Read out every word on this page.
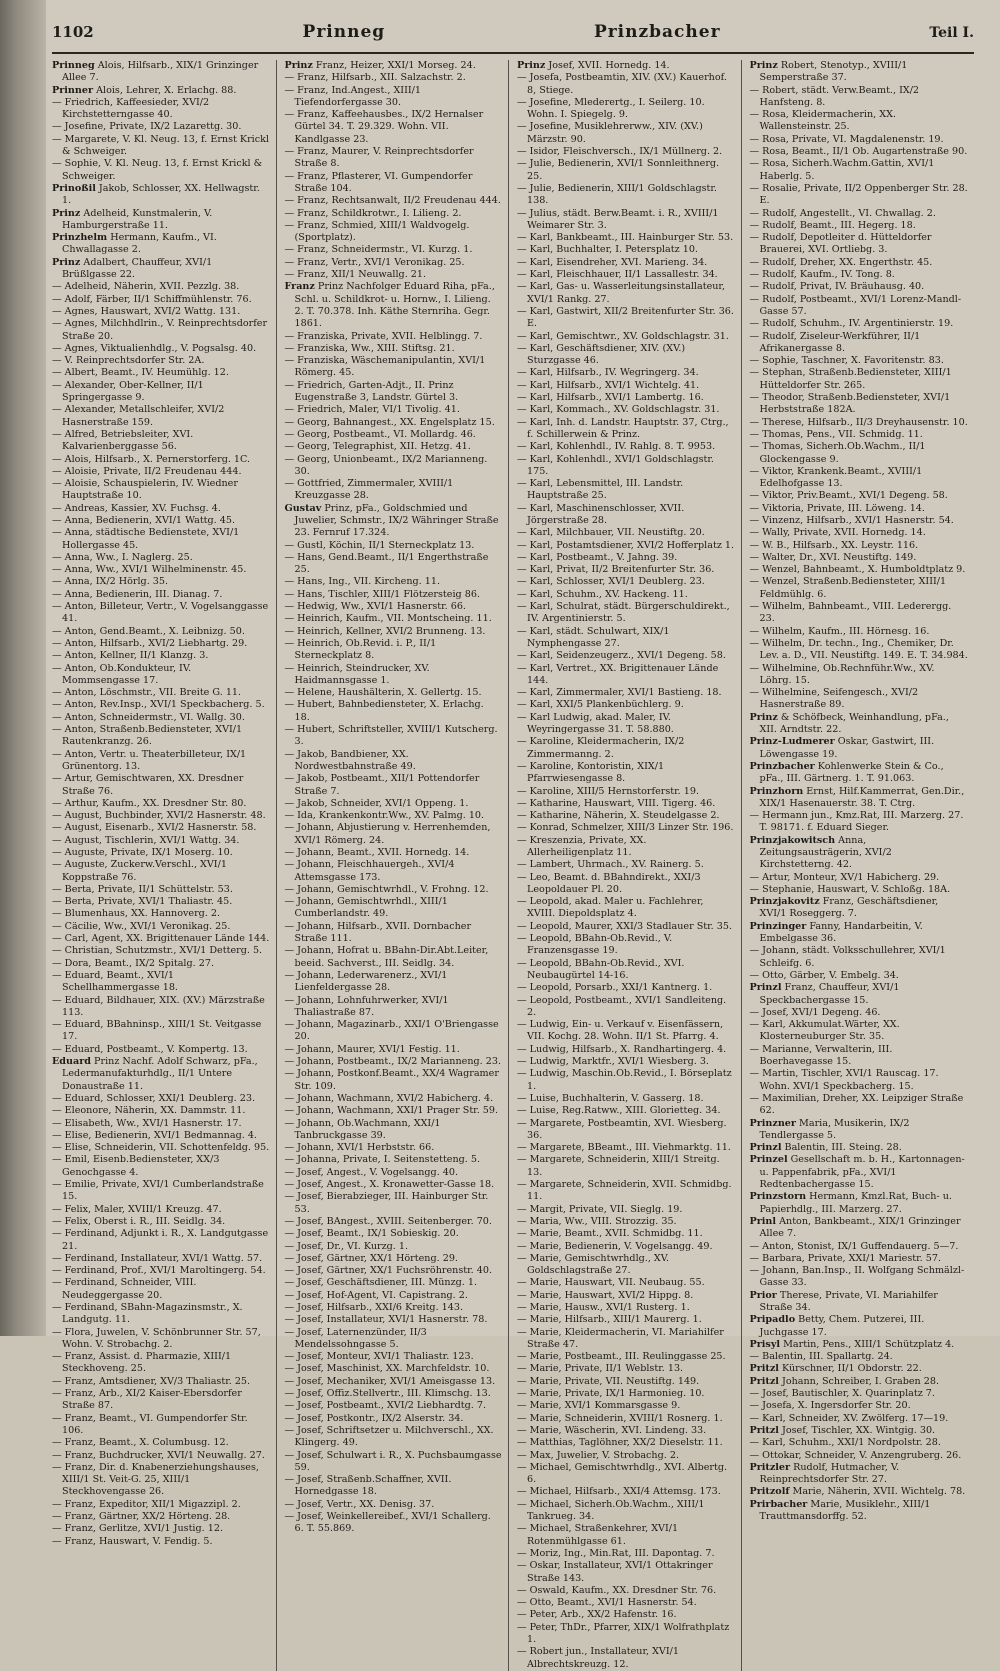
1102	Prinneg	Prinzbacher	Teil I.

Prinneg Alois, Hilfsarb., XIX/1 Grinzinger Allee 7.

Prinner Alois, Lehrer, X. Erlachg. 88.

— Friedrich, Kaffeesieder, XVI/2 Kirchstetterngasse 40.

— Josefine, Private, IX/2 Lazarettg. 30.

— Margarete, V. Kl. Neug. 13, f. Ernst Krickl & Schweiger.

— Sophie, V. Kl. Neug. 13, f. Ernst Krickl & Schweiger.

Prinoßil Jakob, Schlosser, XX. Hellwagstr. 1.

Prinz Adelheid, Kunstmalerin, V. Hamburgerstraße 11.

Prinzhelm Hermann, Kaufm., VI. Chwallagasse 2.

Prinz Adalbert, Chauffeur, XVI/1 Brüßlgasse 22.

— Adelheid, Näherin, XVII. Pezzlg. 38.

— Adolf, Färber, II/1 Schiffmühlenstr. 76.

— Agnes, Hauswart, XVI/2 Wattg. 131.

— Agnes, Milchhdlrin., V. Reinprechtsdorfer Straße 20.

— Agnes, Viktualienhdlg., V. Pogsalsg. 40.

— V. Reinprechtsdorfer Str. 2A.

— Albert, Beamt., IV. Heumühlg. 12.

— Alexander, Ober-Kellner, II/1 Springergasse 9.

— Alexander, Metallschleifer, XVI/2 Hasnerstraße 159.

— Alfred, Betriebsleiter, XVI. Kalvarienberggasse 56.

— Alois, Hilfsarb., X. Pernerstorferg. 1C.

— Aloisie, Private, II/2 Freudenau 444.

— Aloisie, Schauspielerin, IV. Wiedner Hauptstraße 10.

— Andreas, Kassier, XV. Fuchsg. 4.

— Anna, Bedienerin, XVI/1 Wattg. 45.

— Anna, städtische Bedienstete, XVI/1 Hollergasse 45.

— Anna, Ww., I. Naglerg. 25.

— Anna, Ww., XVI/1 Wilhelminenstr. 45.

— Anna, IX/2 Hörlg. 35.

— Anna, Bedienerin, III. Dianag. 7.

— Anton, Billeteur, Vertr., V. Vogelsanggasse 41.

— Anton, Gend.Beamt., X. Leibnizg. 50.

— Anton, Hilfsarb., XVI/2 Liebhartg. 29.

— Anton, Kellner, II/1 Klanzg. 3.

— Anton, Ob.Kondukteur, IV. Mommsengasse 17.

— Anton, Löschmstr., VII. Breite G. 11.

— Anton, Rev.Insp., XVI/1 Speckbacherg. 5.

— Anton, Schneidermstr., VI. Wallg. 30.

— Anton, Straßenb.Bediensteter, XVI/1 Rautenkranzg. 26.

— Anton, Vertr. u. Theaterbilleteur, IX/1 Grünentorg. 13.

— Artur, Gemischtwaren, XX. Dresdner Straße 76.

— Arthur, Kaufm., XX. Dresdner Str. 80.

— August, Buchbinder, XVI/2 Hasnerstr. 48.

— August, Eisenarb., XVI/2 Hasnerstr. 58.

— August, Tischlerin, XVI/1 Wattg. 34.

— Auguste, Private, IX/1 Moserg. 10.

— Auguste, Zuckerw.Verschl., XVI/1 Koppstraße 76.

— Berta, Private, II/1 Schüttelstr. 53.

— Berta, Private, XVI/1 Thaliastr. 45.

— Blumenhaus, XX. Hannoverg. 2.

— Cäcilie, Ww., XVI/1 Veronikag. 25.

— Carl, Agent, XX. Brigittenauer Lände 144.

— Christian, Schutzmstr., XVI/1 Detterg. 5.

— Dora, Beamt., IX/2 Spitalg. 27.

— Eduard, Beamt., XVI/1 Schellhammergasse 18.

— Eduard, Bildhauer, XIX. (XV.) Märzstraße 113.

— Eduard, BBahninsp., XIII/1 St. Veitgasse 17.

— Eduard, Postbeamt., V. Kompertg. 13.

Eduard Prinz Nachf. Adolf Schwarz, pFa., Ledermanufakturhdlg., II/1 Untere Donaustraße 11.

— Eduard, Schlosser, XXI/1 Deublerg. 23.

— Eleonore, Näherin, XX. Dammstr. 11.

— Elisabeth, Ww., XVI/1 Hasnerstr. 17.

— Elise, Bedienerin, XVI/1 Bedmannag. 4.

— Elise, Schneiderin, VII. Schottenfeldg. 95.

— Emil, Eisenb.Bediensteter, XX/3 Genochgasse 4.

— Emilie, Private, XVI/1 Cumberlandstraße 15.

— Felix, Maler, XVIII/1 Kreuzg. 47.

— Felix, Oberst i. R., III. Seidlg. 34.

— Ferdinand, Adjunkt i. R., X. Landgutgasse 21.

— Ferdinand, Installateur, XVI/1 Wattg. 57.

— Ferdinand, Prof., XVI/1 Maroltingerg. 54.

— Ferdinand, Schneider, VIII. Neudeggergasse 20.

— Ferdinand, SBahn-Magazinsmstr., X. Landgutg. 11.

— Flora, Juwelen, V. Schönbrunner Str. 57, Wohn. V. Strobachg. 2.

— Franz, Assist. d. Pharmazie, XIII/1 Steckhoveng. 25.

— Franz, Amtsdiener, XV/3 Thaliastr. 25.

— Franz, Arb., XI/2 Kaiser-Ebersdorfer Straße 87.

— Franz, Beamt., VI. Gumpendorfer Str. 106.

— Franz, Beamt., X. Columbusg. 12.

— Franz, Buchdrucker, XVI/1 Neuwallg. 27.

— Franz, Dir. d. Knabenerziehungshauses, XIII/1 St. Veit-G. 25, XIII/1 Steckhovengasse 26.

— Franz, Expeditor, XII/1 Migazzipl. 2.

— Franz, Gärtner, XX/2 Hörteng. 28.

— Franz, Gerlitze, XVI/1 Justig. 12.

— Franz, Hauswart, V. Fendig. 5.

Prinz Franz, Heizer, XXI/1 Morseg. 24.

— Franz, Hilfsarb., XII. Salzachstr. 2.

— Franz, Ind.Angest., XIII/1 Tiefendorfergasse 30.

— Franz, Kaffeehausbes., IX/2 Hernalser Gürtel 34. T. 29.329. Wohn. VII. Kandlgasse 23.

— Franz, Maurer, V. Reinprechtsdorfer Straße 8.

— Franz, Pflasterer, VI. Gumpendorfer Straße 104.

— Franz, Rechtsanwalt, II/2 Freudenau 444.

— Franz, Schildkrotwr., I. Lilieng. 2.

— Franz, Schmied, XIII/1 Waldvogelg. (Sportplatz).

— Franz, Schneidermstr., VI. Kurzg. 1.

— Franz, Vertr., XVI/1 Veronikag. 25.

— Franz, XII/1 Neuwallg. 21.

Franz Prinz Nachfolger Eduard Riha, pFa., Schl. u. Schildkrot- u. Hornw., I. Lilieng. 2. T. 70.378. Inh. Käthe Sternriha. Gegr. 1861.

— Franziska, Private, XVII. Helblingg. 7.

— Franziska, Ww., XIII. Stiftsg. 21.

— Franziska, Wäschemanipulantin, XVI/1 Römerg. 45.

— Friedrich, Garten-Adjt., II. Prinz Eugenstraße 3, Landstr. Gürtel 3.

— Friedrich, Maler, VI/1 Tivolig. 41.

— Georg, Bahnangest., XX. Engelsplatz 15.

— Georg, Postbeamt., VI. Mollardg. 46.

— Georg, Telegraphist, XII. Hetzg. 41.

— Georg, Unionbeamt., IX/2 Marianneng. 30.

— Gottfried, Zimmermaler, XVIII/1 Kreuzgasse 28.

Gustav Prinz, pFa., Goldschmied und Juwelier, Schmstr., IX/2 Währinger Straße 23. Fernruf 17.324.

— Gustl, Köchin, II/1 Sterneckplatz 13.

— Hans, Gend.Beamt., II/1 Engerthstraße 25.

— Hans, Ing., VII. Kircheng. 11.

— Hans, Tischler, XIII/1 Flötzersteig 86.

— Hedwig, Ww., XVI/1 Hasnerstr. 66.

— Heinrich, Kaufm., VII. Montscheing. 11.

— Heinrich, Kellner, XVI/2 Brunneng. 13.

— Heinrich, Ob.Revid. i. P., II/1 Sterneckplatz 8.

— Heinrich, Steindrucker, XV. Haidmannsgasse 1.

— Helene, Haushälterin, X. Gellertg. 15.

— Hubert, Bahnbediensteter, X. Erlachg. 18.

— Hubert, Schriftsteller, XVIII/1 Kutscherg. 3.

— Jakob, Bandbiener, XX. Nordwestbahnstraße 49.

— Jakob, Postbeamt., XII/1 Pottendorfer Straße 7.

— Jakob, Schneider, XVI/1 Oppeng. 1.

— Ida, Krankenkontr.Ww., XV. Palmg. 10.

— Johann, Abjustierung v. Herrenhemden, XVI/1 Römerg. 24.

— Johann, Beamt., XVII. Hornedg. 14.

— Johann, Fleischhauergeh., XVI/4 Attemsgasse 173.

— Johann, Gemischtwrhdl., V. Frohng. 12.

— Johann, Gemischtwrhdl., XIII/1 Cumberlandstr. 49.

— Johann, Hilfsarb., XVII. Dornbacher Straße 111.

— Johann, Hofrat u. BBahn-Dir.Abt.Leiter, beeid. Sachverst., III. Seidlg. 34.

— Johann, Lederwarenerz., XVI/1 Lienfeldergasse 28.

— Johann, Lohnfuhrwerker, XVI/1 Thaliastraße 87.

— Johann, Magazinarb., XXI/1 O'Briengasse 20.

— Johann, Maurer, XVI/1 Festig. 11.

— Johann, Postbeamt., IX/2 Marianneng. 23.

— Johann, Postkonf.Beamt., XX/4 Wagramer Str. 109.

— Johann, Wachmann, XVI/2 Habicherg. 4.

— Johann, Wachmann, XXI/1 Prager Str. 59.

— Johann, Ob.Wachmann, XXI/1 Tanbruckgasse 39.

— Johann, XVI/1 Herbststr. 66.

— Johanna, Private, I. Seitenstetteng. 5.

— Josef, Angest., V. Vogelsangg. 40.

— Josef, Angest., X. Kronawetter-Gasse 18.

— Josef, Bierabzieger, III. Hainburger Str. 53.

— Josef, BAngest., XVIII. Seitenberger. 70.

— Josef, Beamt., IX/1 Sobieskig. 20.

— Josef, Dr., VI. Kurzg. 1.

— Josef, Gärtner, XX/1 Hörteng. 29.

— Josef, Gärtner, XX/1 Fuchsröhrenstr. 40.

— Josef, Geschäftsdiener, III. Münzg. 1.

— Josef, Hof-Agent, VI. Capistrang. 2.

— Josef, Hilfsarb., XXI/6 Kreitg. 143.

— Josef, Installateur, XVI/1 Hasnerstr. 78.

— Josef, Laternenzünder, II/3 Mendelssohngasse 5.

— Josef, Monteur, XVI/1 Thaliastr. 123.

— Josef, Maschinist, XX. Marchfeldstr. 10.

— Josef, Mechaniker, XVI/1 Ameisgasse 13.

— Josef, Offiz.Stellvertr., III. Klimschg. 13.

— Josef, Postbeamt., XVI/2 Liebhardtg. 7.

— Josef, Postkontr., IX/2 Alserstr. 34.

— Josef, Schriftsetzer u. Milchverschl., XX. Klingerg. 49.

— Josef, Schulwart i. R., X. Puchsbaumgasse 59.

— Josef, Straßenb.Schaffner, XVII. Hornedgasse 18.

— Josef, Vertr., XX. Denisg. 37.

— Josef, Weinkellereibef., XVI/1 Schallerg. 6. T. 55.869.

Prinz Josef, XVII. Hornedg. 14.

— Josefa, Postbeamtin, XIV. (XV.) Kauerhof. 8, Stiege.

— Josefine, Mlederertg., I. Seilerg. 10. Wohn. I. Spiegelg. 9.

— Josefine, Musiklehrerww., XIV. (XV.) Märzstr. 90.

— Isidor, Fleischversch., IX/1 Müllnerg. 2.

— Julie, Bedienerin, XVI/1 Sonnleithnerg. 25.

— Julie, Bedienerin, XIII/1 Goldschlagstr. 138.

— Julius, städt. Berw.Beamt. i. R., XVIII/1 Weimarer Str. 3.

— Karl, Bankbeamt., III. Hainburger Str. 53.

— Karl, Buchhalter, I. Petersplatz 10.

— Karl, Eisendreher, XVI. Marieng. 34.

— Karl, Fleischhauer, II/1 Lassallestr. 34.

— Karl, Gas- u. Wasserleitungsinstallateur, XVI/1 Rankg. 27.

— Karl, Gastwirt, XII/2 Breitenfurter Str. 36. E.

— Karl, Gemischtwr., XV. Goldschlagstr. 31.

— Karl, Geschäftsdiener, XIV. (XV.) Sturzgasse 46.

— Karl, Hilfsarb., IV. Wegringerg. 34.

— Karl, Hilfsarb., XVI/1 Wichtelg. 41.

— Karl, Hilfsarb., XVI/1 Lambertg. 16.

— Karl, Kommach., XV. Goldschlagstr. 31.

— Karl, Inh. d. Landstr. Hauptstr. 37, Ctrg., f. Schillerwein & Prinz.

— Karl, Kohlenhdl., IV. Rahlg. 8. T. 9953.

— Karl, Kohlenhdl., XVI/1 Goldschlagstr. 175.

— Karl, Lebensmittel, III. Landstr. Hauptstraße 25.

— Karl, Maschinenschlosser, XVII. Jörgerstraße 28.

— Karl, Milchbauer, VII. Neustiftg. 20.

— Karl, Postamtsdiener, XVI/2 Hofferplatz 1.

— Karl, Postbeamt., V. Jahng. 39.

— Karl, Privat, II/2 Breitenfurter Str. 36.

— Karl, Schlosser, XVI/1 Deublerg. 23.

— Karl, Schuhm., XV. Hackeng. 11.

— Karl, Schulrat, städt. Bürgerschuldirekt., IV. Argentinierstr. 5.

— Karl, städt. Schulwart, XIX/1 Nymphengasse 27.

— Karl, Seidenzeugerz., XVI/1 Degeng. 58.

— Karl, Vertret., XX. Brigittenauer Lände 144.

— Karl, Zimmermaler, XVI/1 Bastieng. 18.

— Karl, XXI/5 Plankenbüchlerg. 9.

— Karl Ludwig, akad. Maler, IV. Weyringergasse 31. T. 58.880.

— Karoline, Kleidermacherin, IX/2 Zimmermanng. 2.

— Karoline, Kontoristin, XIX/1 Pfarrwiesengasse 8.

— Karoline, XIII/5 Hernstorferstr. 19.

— Katharine, Hauswart, VIII. Tigerg. 46.

— Katharine, Näherin, X. Steudelgasse 2.

— Konrad, Schmelzer, XIII/3 Linzer Str. 196.

— Kreszenzia, Private, XX. Allerheiligenplatz 11.

— Lambert, Uhrmach., XV. Rainerg. 5.

— Leo, Beamt. d. BBahndirekt., XXI/3 Leopoldauer Pl. 20.

— Leopold, akad. Maler u. Fachlehrer, XVIII. Diepoldsplatz 4.

— Leopold, Maurer, XXI/3 Stadlauer Str. 35.

— Leopold, BBahn-Ob.Revid., V. Franzensgasse 19.

— Leopold, BBahn-Ob.Revid., XVI. Neubaugürtel 14-16.

— Leopold, Porsarb., XXI/1 Kantnerg. 1.

— Leopold, Postbeamt., XVI/1 Sandleiteng. 2.

— Ludwig, Ein- u. Verkauf v. Eisenfässern, VII. Kochg. 28. Wohn. II/1 St. Pfarrg. 4.

— Ludwig, Hilfsarb., X. Randhartingerg. 4.

— Ludwig, Marktfr., XVI/1 Wiesberg. 3.

— Ludwig, Maschin.Ob.Revid., I. Börseplatz 1.

— Luise, Buchhalterin, V. Gasserg. 18.

— Luise, Reg.Ratww., XIII. Glorietteg. 34.

— Margarete, Postbeamtin, XVI. Wiesberg. 36.

— Margarete, BBeamt., III. Viehmarktg. 11.

— Margarete, Schneiderin, XIII/1 Streitg. 13.

— Margarete, Schneiderin, XVII. Schmidbg. 11.

— Margit, Private, VII. Sieglg. 19.

— Maria, Ww., VIII. Strozzig. 35.

— Marie, Beamt., XVII. Schmidbg. 11.

— Marie, Bedienerin, V. Vogelsangg. 49.

— Marie, Gemischtwrhdlg., XV. Goldschlagstraße 27.

— Marie, Hauswart, VII. Neubaug. 55.

— Marie, Hauswart, XVI/2 Hippg. 8.

— Marie, Hausw., XVI/1 Rusterg. 1.

— Marie, Hilfsarb., XIII/1 Maurerg. 1.

— Marie, Kleidermacherin, VI. Mariahilfer Straße 47.

— Marie, Postbeamt., III. Reulinggasse 25.

— Marie, Private, II/1 Weblstr. 13.

— Marie, Private, VII. Neustiftg. 149.

— Marie, Private, IX/1 Harmonieg. 10.

— Marie, XVI/1 Kommarsgasse 9.

— Marie, Schneiderin, XVIII/1 Rosnerg. 1.

— Marie, Wäscherin, XVI. Lindeng. 33.

— Matthias, Taglöhner, XX/2 Dieselstr. 11.

— Max, Juwelier, V. Strobachg. 2.

— Michael, Gemischtwrhdlg., XVI. Albertg. 6.

— Michael, Hilfsarb., XXI/4 Attemsg. 173.

— Michael, Sicherh.Ob.Wachm., XIII/1 Tankrueg. 34.

— Michael, Straßenkehrer, XVI/1 Rotenmühlgasse 61.

— Moriz, Ing., Min.Rat, III. Dapontag. 7.

— Oskar, Installateur, XVI/1 Ottakringer Straße 143.

— Oswald, Kaufm., XX. Dresdner Str. 76.

— Otto, Beamt., XVI/1 Hasnerstr. 54.

— Peter, Arb., XX/2 Hafenstr. 16.

— Peter, ThDr., Pfarrer, XIX/1 Wolfrathplatz 1.

— Robert jun., Installateur, XVI/1 Albrechtskreuzg. 12.

Prinz Robert, Stenotyp., XVIII/1 Semperstraße 37.

— Robert, städt. Verw.Beamt., IX/2 Hanfsteng. 8.

— Rosa, Kleidermacherin, XX. Wallensteinstr. 25.

— Rosa, Private, VI. Magdalenenstr. 19.

— Rosa, Beamt., II/1 Ob. Augartenstraße 90.

— Rosa, Sicherh.Wachm.Gattin, XVI/1 Haberlg. 5.

— Rosalie, Private, II/2 Oppenberger Str. 28. E.

— Rudolf, Angestellt., VI. Chwallag. 2.

— Rudolf, Beamt., III. Hegerg. 18.

— Rudolf, Depotleiter d. Hütteldorfer Brauerei, XVI. Ortliebg. 3.

— Rudolf, Dreher, XX. Engerthstr. 45.

— Rudolf, Kaufm., IV. Tong. 8.

— Rudolf, Privat, IV. Bräuhausg. 40.

— Rudolf, Postbeamt., XVI/1 Lorenz-Mandl-Gasse 57.

— Rudolf, Schuhm., IV. Argentinierstr. 19.

— Rudolf, Ziseleur-Werkführer, II/1 Afrikanergasse 8.

— Sophie, Taschner, X. Favoritenstr. 83.

— Stephan, Straßenb.Bediensteter, XIII/1 Hütteldorfer Str. 265.

— Theodor, Straßenb.Bediensteter, XVI/1 Herbststraße 182A.

— Therese, Hilfsarb., II/3 Dreyhausenstr. 10.

— Thomas, Pens., VII. Schmidg. 11.

— Thomas, Sicherh.Ob.Wachm., II/1 Glockengasse 9.

— Viktor, Krankenk.Beamt., XVIII/1 Edelhofgasse 13.

— Viktor, Priv.Beamt., XVI/1 Degeng. 58.

— Viktoria, Private, III. Löweng. 14.

— Vinzenz, Hilfsarb., XVI/1 Hasnerstr. 54.

— Wally, Private, XVII. Hornedg. 14.

— W. B., Hilfsarb., XX. Leystr. 116.

— Walter, Dr., XVI. Neustiftg. 149.

— Wenzel, Bahnbeamt., X. Humboldtplatz 9.

— Wenzel, Straßenb.Bediensteter, XIII/1 Feldmühlg. 6.

— Wilhelm, Bahnbeamt., VIII. Lederergg. 23.

— Wilhelm, Kaufm., III. Hörnesg. 16.

— Wilhelm, Dr. techn., Ing., Chemiker, Dr. Lev. a. D., VII. Neustiftg. 149. E. T. 34.984.

— Wilhelmine, Ob.Rechnführ.Ww., XV. Löhrg. 15.

— Wilhelmine, Seifengesch., XVI/2 Hasnerstraße 89.

Prinz & Schöfbeck, Weinhandlung, pFa., XII. Arndtstr. 22.

Prinz-Ludmerer Oskar, Gastwirt, III. Löwengasse 19.

Prinzbacher Kohlenwerke Stein & Co., pFa., III. Gärtnerg. 1. T. 91.063.

Prinzhorn Ernst, Hilf.Kammerrat, Gen.Dir., XIX/1 Hasenauerstr. 38. T. Ctrg.

— Hermann jun., Kmz.Rat, III. Marzerg. 27. T. 98171. f. Eduard Sieger.

Prinzjakowitsch Anna, Zeitungsausträgerin, XVI/2 Kirchstetterng. 42.

— Artur, Monteur, XV/1 Habicherg. 29.

— Stephanie, Hauswart, V. Schloßg. 18A.

Prinzjakovitz Franz, Geschäftsdiener, XVI/1 Roseggerg. 7.

Prinzinger Fanny, Handarbeitin, V. Embelgasse 36.

— Johann, städt. Volksschullehrer, XVI/1 Schleifg. 6.

— Otto, Gärber, V. Embelg. 34.

Prinzl Franz, Chauffeur, XVI/1 Speckbachergasse 15.

— Josef, XVI/1 Degeng. 46.

— Karl, Akkumulat.Wärter, XX. Klosterneuburger Str. 35.

— Marianne, Verwalterin, III. Boerhavegasse 15.

— Martin, Tischler, XVI/1 Rauscag. 17. Wohn. XVI/1 Speckbacherg. 15.

— Maximilian, Dreher, XX. Leipziger Straße 62.

Prinzner Maria, Musikerin, IX/2 Tendlergasse 5.

Prinzl Balentin, III. Steing. 28.

Prinzel Gesellschaft m. b. H., Kartonnagen- u. Pappenfabrik, pFa., XVI/1 Redtenbachergasse 15.

Prinzstorn Hermann, Kmzl.Rat, Buch- u. Papierhdlg., III. Marzerg. 27.

Prinl Anton, Bankbeamt., XIX/1 Grinzinger Allee 7.

— Anton, Stonist, IX/1 Guffendauerg. 5—7.

— Barbara, Private, XXI/1 Mariestr. 57.

— Johann, Ban.Insp., II. Wolfgang Schmälzl-Gasse 33.

Prior Therese, Private, VI. Mariahilfer Straße 34.

Pripadlo Betty, Chem. Putzerei, III. Juchgasse 17.

Prisyl Martin, Pens., XIII/1 Schützplatz 4.

— Balentin, III. Spallartg. 24.

Pritzl Kürschner, II/1 Obdorstr. 22.

Pritzl Johann, Schreiber, I. Graben 28.

— Josef, Bautischler, X. Quarinplatz 7.

— Josefa, X. Ingersdorfer Str. 20.

— Karl, Schneider, XV. Zwölferg. 17—19.

Pritzl Josef, Tischler, XX. Wintgig. 30.

— Karl, Schuhm., XXI/1 Nordpolstr. 28.

— Ottokar, Schneider, V. Anzengruberg. 26.

Pritzler Rudolf, Hutmacher, V. Reinprechtsdorfer Str. 27.

Pritzolf Marie, Näherin, XVII. Wichtelg. 78.

Prirbacher Marie, Musiklehr., XIII/1 Trauttmansdorffg. 52.
